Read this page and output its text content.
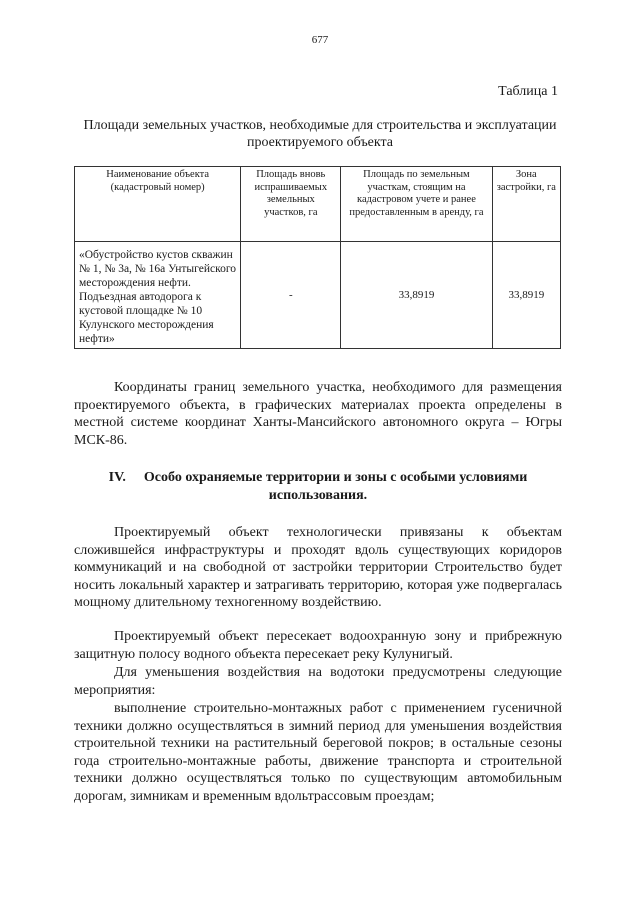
677
Таблица 1
Площади земельных участков, необходимые для строительства и эксплуатации проектируемого объекта
Наименование объекта (кадастровый номер)	Площадь вновь испрашиваемых земельных участков, га	Площадь по земельным участкам, стоящим на кадастровом учете и ранее предоставленным в аренду, га	Зона застройки, га
«Обустройство кустов скважин № 1, № 3а, № 16а Унтыгейского месторождения нефти. Подъездная автодорога к кустовой площадке № 10 Кулунского месторождения нефти»	-	33,8919	33,8919
Координаты границ земельного участка, необходимого для размещения проектируемого объекта, в графических материалах проекта определены в местной системе координат Ханты-Мансийского автономного округа – Югры МСК-86.
IV. Особо охраняемые территории и зоны с особыми условиями использования.
Проектируемый объект технологически привязаны к объектам сложившейся инфраструктуры и проходят вдоль существующих коридоров коммуникаций и на свободной от застройки территории Строительство будет носить локальный характер и затрагивать территорию, которая уже подвергалась мощному длительному техногенному воздействию.
Проектируемый объект пересекает водоохранную зону и прибрежную защитную полосу водного объекта пересекает реку Кулунигый.
Для уменьшения воздействия на водотоки предусмотрены следующие мероприятия:
выполнение строительно-монтажных работ с применением гусеничной техники должно осуществляться в зимний период для уменьшения воздействия строительной техники на растительный береговой покров; в остальные сезоны года строительно-монтажные работы, движение транспорта и строительной техники должно осуществляться только по существующим автомобильным дорогам, зимникам и временным вдольтрассовым проездам;
